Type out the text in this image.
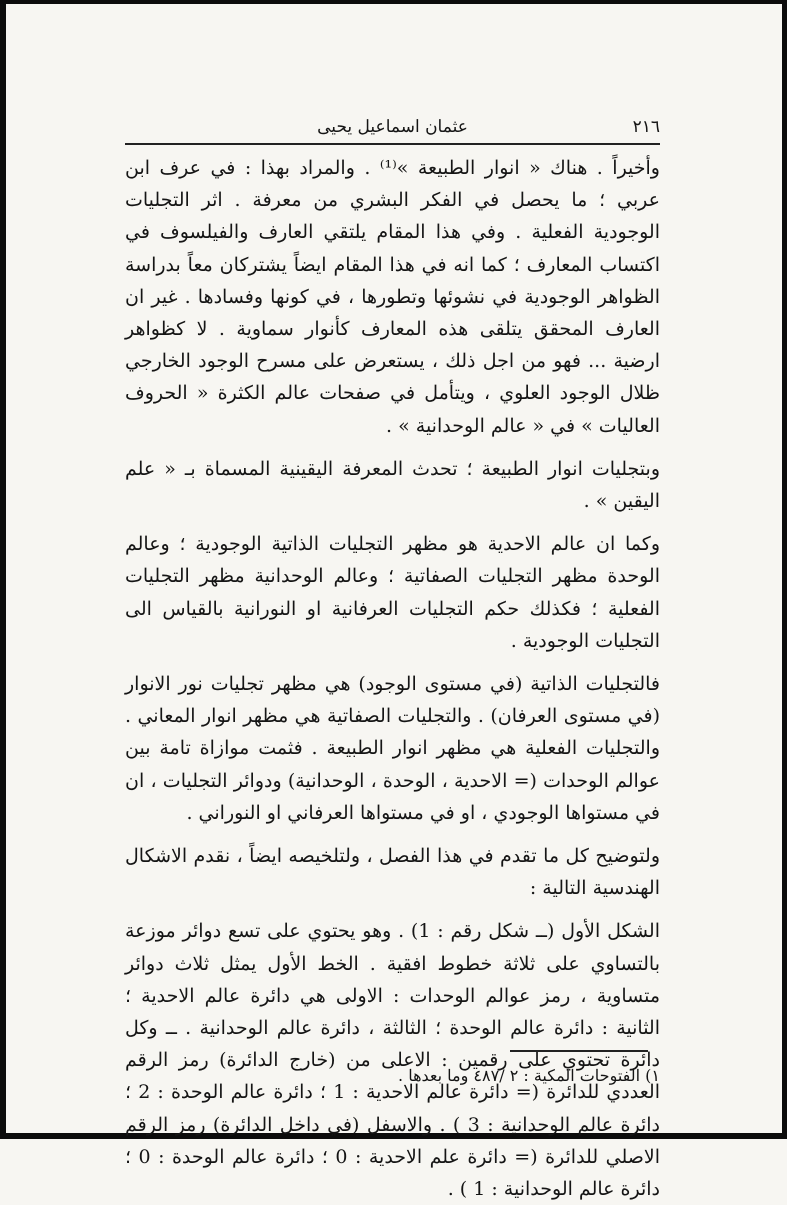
٢١٦
عثمان اسماعيل يحيى

وأخيراً . هناك « انوار الطبيعة »⁽¹⁾ . والمراد بهذا : في عرف ابن عربي ؛ ما يحصل في الفكر البشري من معرفة . اثر التجليات الوجودية الفعلية . وفي هذا المقام يلتقي العارف والفيلسوف في اكتساب المعارف ؛ كما انه في هذا المقام ايضاً يشتركان معاً بدراسة الظواهر الوجودية في نشوئها وتطورها ، في كونها وفسادها . غير ان العارف المحقق يتلقى هذه المعارف كأنوار سماوية . لا كظواهر ارضية ... فهو من اجل ذلك ، يستعرض على مسرح الوجود الخارجي ظلال الوجود العلوي ، ويتأمل في صفحات عالم الكثرة « الحروف العاليات » في « عالم الوحدانية » .

وبتجليات انوار الطبيعة ؛ تحدث المعرفة اليقينية المسماة بـ « علم اليقين » .

وكما ان عالم الاحدية هو مظهر التجليات الذاتية الوجودية ؛ وعالم الوحدة مظهر التجليات الصفاتية ؛ وعالم الوحدانية مظهر التجليات الفعلية ؛ فكذلك حكم التجليات العرفانية او النورانية بالقياس الى التجليات الوجودية .

فالتجليات الذاتية (في مستوى الوجود) هي مظهر تجليات نور الانوار (في مستوى العرفان) . والتجليات الصفاتية هي مظهر انوار المعاني . والتجليات الفعلية هي مظهر انوار الطبيعة . فثمت موازاة تامة بين عوالم الوحدات (= الاحدية ، الوحدة ، الوحدانية) ودوائر التجليات ، ان في مستواها الوجودي ، او في مستواها العرفاني او النوراني .

ولتوضيح كل ما تقدم في هذا الفصل ، ولتلخيصه ايضاً ، نقدم الاشكال الهندسية التالية :

الشكل الأول (ــ شكل رقم : 1) . وهو يحتوي على تسع دوائر موزعة بالتساوي على ثلاثة خطوط افقية . الخط الأول يمثل ثلاث دوائر متساوية ، رمز عوالم الوحدات : الاولى هي دائرة عالم الاحدية ؛ الثانية : دائرة عالم الوحدة ؛ الثالثة ، دائرة عالم الوحدانية . ــ وكل دائرة تحتوي على رقمين : الاعلى من (خارج الدائرة) رمز الرقم العددي للدائرة (= دائرة عالم الاحدية : 1 ؛ دائرة عالم الوحدة : 2 ؛ دائرة عالم الوحدانية : 3 ) . والاسفل (في داخل الدائرة) رمز الرقم الاصلي للدائرة (= دائرة علم الاحدية : 0 ؛ دائرة عالم الوحدة : 0 ؛ دائرة عالم الوحدانية : 1 ) .

١) الفتوحات المكية : ٢ /٤٨٧ وما بعدها .
